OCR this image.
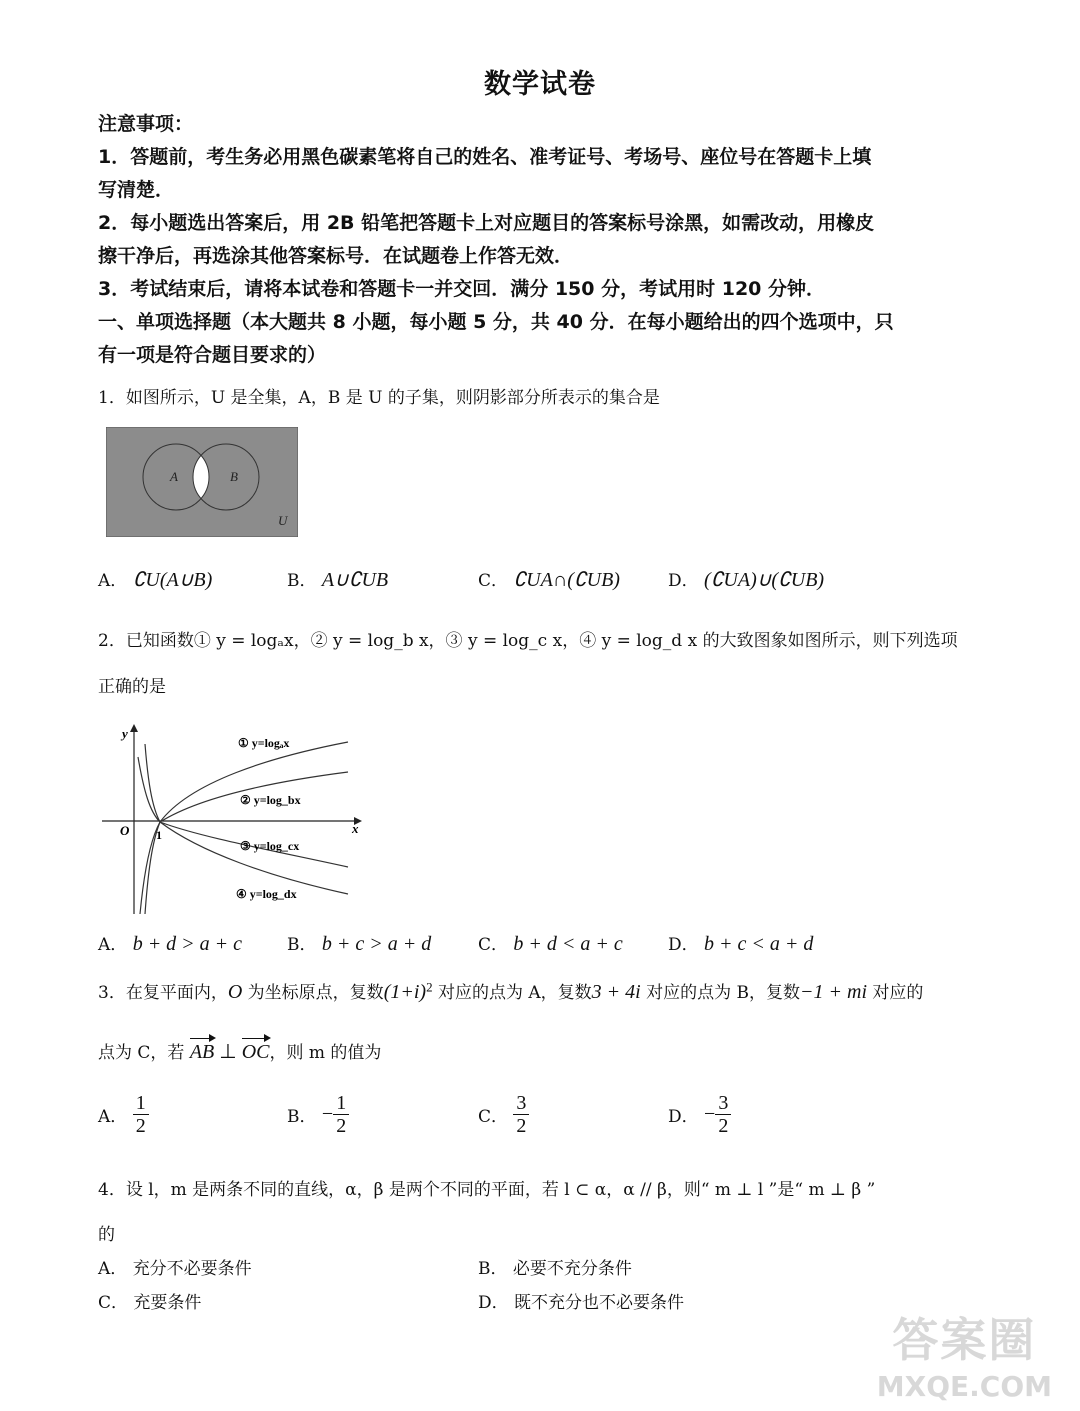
数学试卷
注意事项：
1．答题前，考生务必用黑色碳素笔将自己的姓名、准考证号、考场号、座位号在答题卡上填
写清楚．
2．每小题选出答案后，用 2B 铅笔把答题卡上对应题目的答案标号涂黑，如需改动，用橡皮
擦干净后，再选涂其他答案标号．在试题卷上作答无效．
3．考试结束后，请将本试卷和答题卡一并交回．满分 150 分，考试用时 120 分钟．
一、单项选择题（本大题共 8 小题，每小题 5 分，共 40 分．在每小题给出的四个选项中，只
有一项是符合题目要求的）
1．如图所示，U 是全集，A，B 是 U 的子集，则阴影部分所表示的集合是
A	B
U
A． ∁U(A∪B)	B． A∪∁UB	C． ∁UA∩(∁UB)	D． (∁UA)∪(∁UB)
2．已知函数① y = logₐx，② y = log_b x，③ y = log_c x，④ y = log_d x 的大致图象如图所示，则下列选项
正确的是
y
x
O 1
① y=logₐx
② y=log_bx
③ y=log_cx
④ y=log_dx
A． b + d > a + c	B． b + c > a + d	C． b + d < a + c	D． b + c < a + d
3．在复平面内，O 为坐标原点，复数$(1+i)^2$ 对应的点为 A，复数3 + 4i 对应的点为 B，复数−1 + mi 对应的
点为 C，若 AB ⊥ OC，则 m 的值为
A． $\frac{1}{2}$	B． − $\frac{1}{2}$	C． $\frac{3}{2}$	D． − $\frac{3}{2}$
4．设 l，m 是两条不同的直线，α，β 是两个不同的平面，若 l ⊂ α，α // β，则“ m ⊥ l ”是“ m ⊥ β ”
的
A． 充分不必要条件	B． 必要不充分条件
C． 充要条件	D． 既不充分也不必要条件
答案圈
MXQE.COM
